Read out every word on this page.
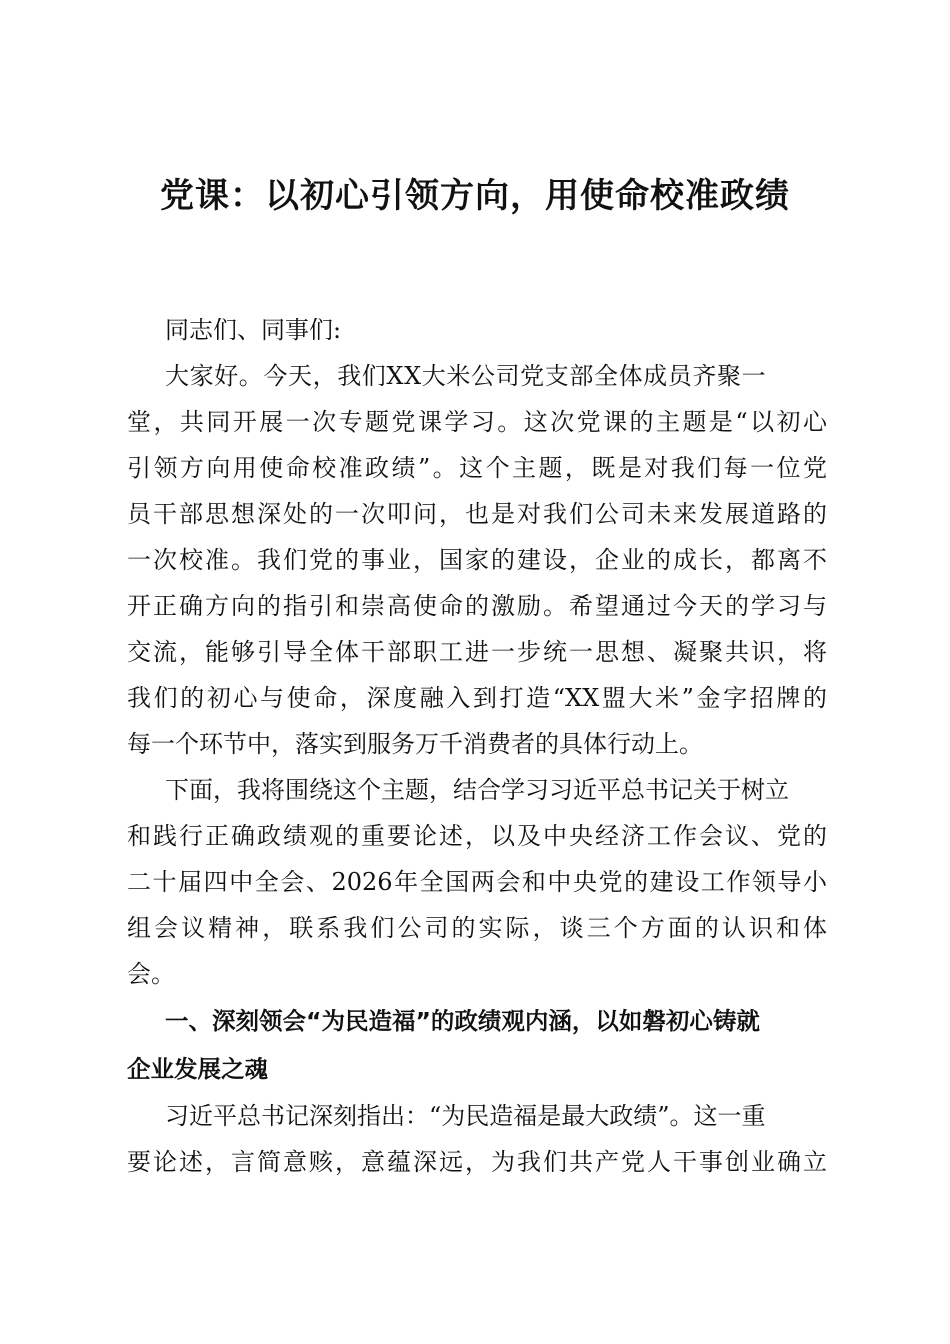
党课：以初心引领方向，用使命校准政绩
同志们、同事们:
大家好。今天，我们XX大米公司党支部全体成员齐聚一
堂，共同开展一次专题党课学习。这次党课的主题是“以初心
引领方向用使命校准政绩”。这个主题，既是对我们每一位党
员干部思想深处的一次叩问，也是对我们公司未来发展道路的
一次校准。我们党的事业，国家的建设，企业的成长，都离不
开正确方向的指引和崇高使命的激励。希望通过今天的学习与
交流，能够引导全体干部职工进一步统一思想、凝聚共识，将
我们的初心与使命，深度融入到打造“XX盟大米”金字招牌的
每一个环节中，落实到服务万千消费者的具体行动上。
下面，我将围绕这个主题，结合学习习近平总书记关于树立
和践行正确政绩观的重要论述，以及中央经济工作会议、党的
二十届四中全会、2026年全国两会和中央党的建设工作领导小
组会议精神，联系我们公司的实际，谈三个方面的认识和体
会。
一、深刻领会“为民造福”的政绩观内涵，以如磐初心铸就
企业发展之魂
习近平总书记深刻指出：“为民造福是最大政绩”。这一重
要论述，言简意赅，意蕴深远，为我们共产党人干事创业确立
